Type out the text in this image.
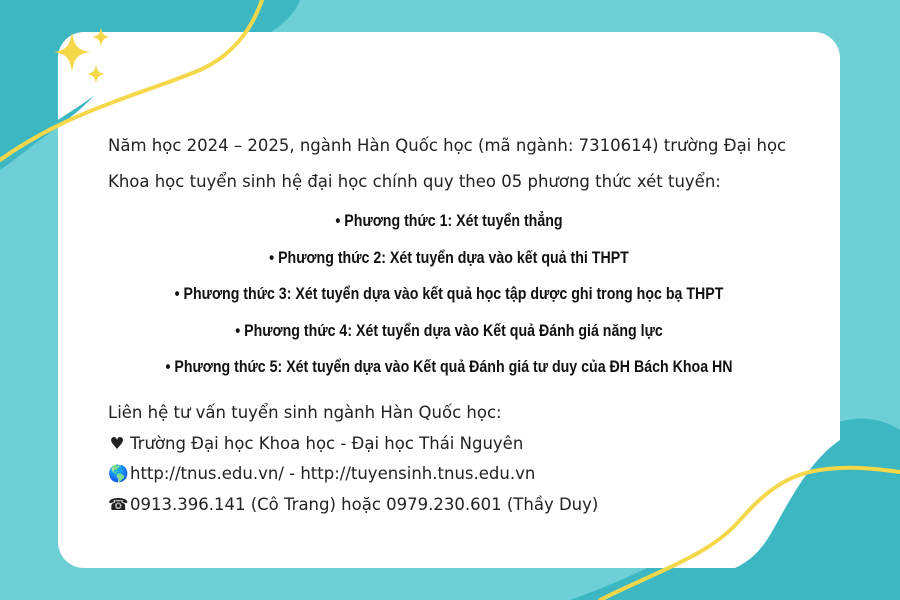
Năm học 2024 – 2025, ngành Hàn Quốc học (mã ngành: 7310614) trường Đại học

Khoa học tuyển sinh hệ đại học chính quy theo 05 phương thức xét tuyển:

• Phương thức 1: Xét tuyển thẳng
• Phương thức 2: Xét tuyển dựa vào kết quả thi THPT
• Phương thức 3: Xét tuyển dựa vào kết quả học tập dược ghi trong học bạ THPT
• Phương thức 4: Xét tuyển dựa vào Kết quả Đánh giá năng lực
• Phương thức 5: Xét tuyển dựa vào Kết quả Đánh giá tư duy của ĐH Bách Khoa HN
Liên hệ tư vấn tuyển sinh ngành Hàn Quốc học:
♥ Trường Đại học Khoa học - Đại học Thái Nguyên
🌎http://tnus.edu.vn/ - http://tuyensinh.tnus.edu.vn
☎0913.396.141 (Cô Trang) hoặc 0979.230.601 (Thầy Duy)
